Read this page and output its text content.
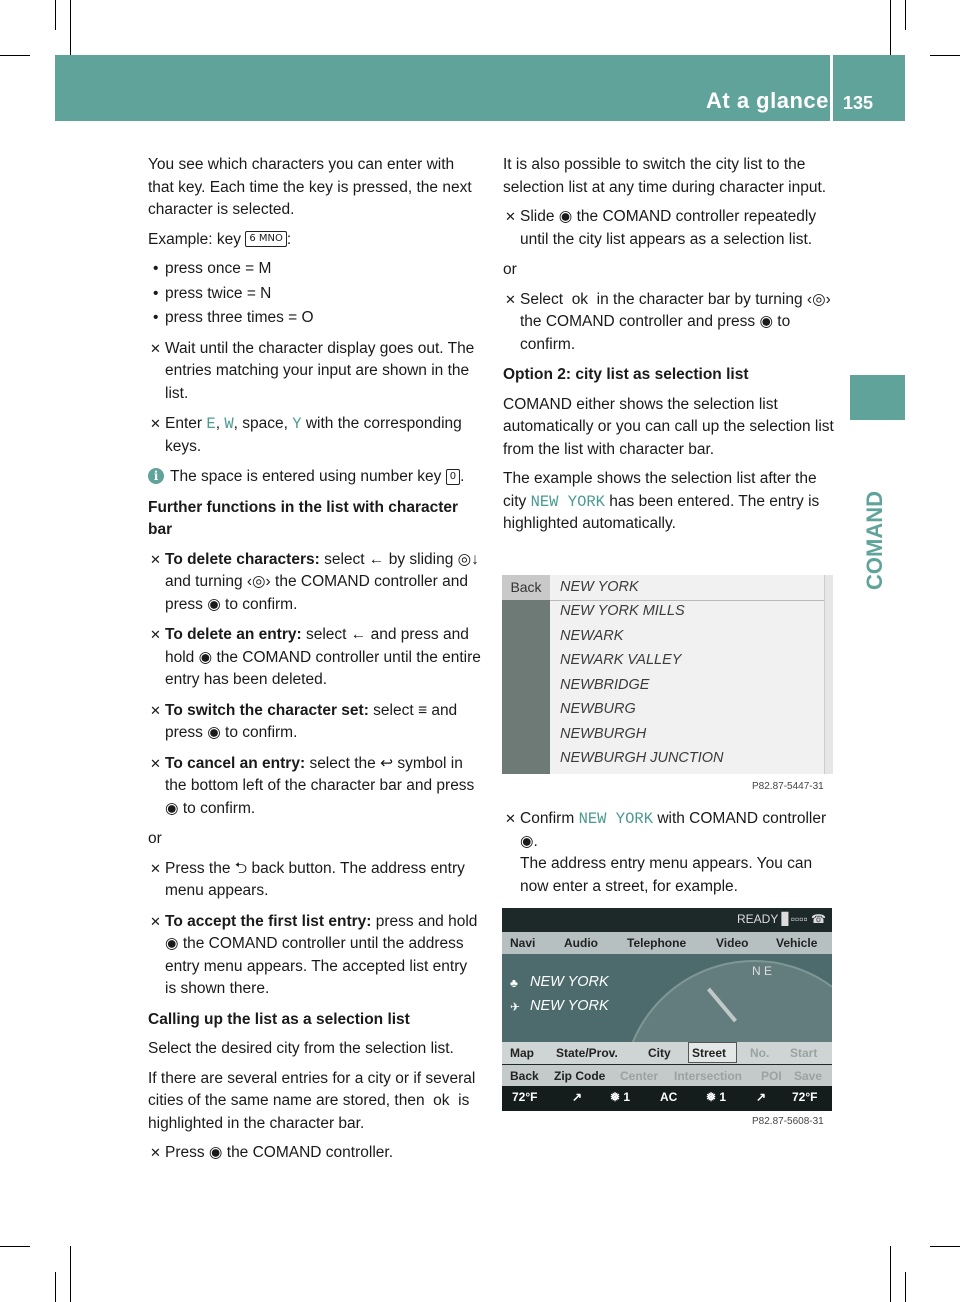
At a glance 135
COMAND

You see which characters you can enter with that key. Each time the key is pressed, the next character is selected.

Example: key 6 MNO :

• press once = M
• press twice = N
• press three times = O
✕ Wait until the character display goes out. The entries matching your input are shown in the list.
✕ Enter E, W, space, Y with the corresponding keys.
i The space is entered using number key 0 .

Further functions in the list with character bar

✕ To delete characters: select ← by sliding ◎↓ and turning ‹◎› the COMAND controller and press ◉ to confirm.
✕ To delete an entry: select ← and press and hold ◉ the COMAND controller until the entire entry has been deleted.
✕ To switch the character set: select ≡ and press ◉ to confirm.
✕ To cancel an entry: select the ↩ symbol in the bottom left of the character bar and press ◉ to confirm.

or

✕ Press the ⮌ back button. The address entry menu appears.
✕ To accept the first list entry: press and hold ◉ the COMAND controller until the address entry menu appears. The accepted list entry is shown there.

Calling up the list as a selection list

Select the desired city from the selection list.

If there are several entries for a city or if several cities of the same name are stored, then  ok  is highlighted in the character bar.

✕ Press ◉ the COMAND controller.

It is also possible to switch the city list to the selection list at any time during character input.

✕ Slide ◉ the COMAND controller repeatedly until the city list appears as a selection list.

or

✕ Select  ok  in the character bar by turning ‹◎› the COMAND controller and press ◉ to confirm.

Option 2: city list as selection list

COMAND either shows the selection list automatically or you can call up the selection list from the list with character bar.

The example shows the selection list after the city NEW YORK has been entered. The entry is highlighted automatically.

Back	NEW YORK
NEW YORK MILLS
NEWARK
NEWARK VALLEY
NEWBRIDGE
NEWBURG
NEWBURGH
NEWBURGH JUNCTION
P82.87-5447-31
✕ Confirm NEW YORK with COMAND controller ◉.
The address entry menu appears. You can now enter a street, for example.
READY ▊▫▫▫▫ ☎
Navi Audio Telephone Video Vehicle
N E
♣ NEW YORK
✈ NEW YORK
Map State/Prov.	City Street No. Start
Back Zip Code Center Intersection POI Save
72°F	↗ ❅ 1 AC ❅ 1 ↗ 72°F
P82.87-5608-31
